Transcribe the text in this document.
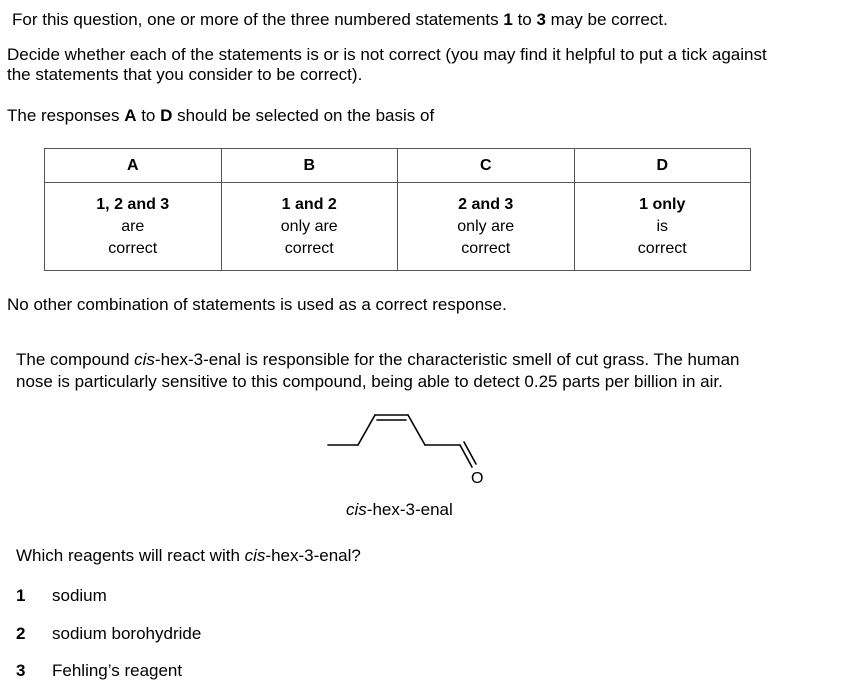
For this question, one or more of the three numbered statements 1 to 3 may be correct.
Decide whether each of the statements is or is not correct (you may find it helpful to put a tick against
the statements that you consider to be correct).
The responses A to D should be selected on the basis of
A	B	C	D

1, 2 and 3
are
correct	1 and 2
only are
correct	2 and 3
only are
correct	1 only
is
correct
No other combination of statements is used as a correct response.
The compound cis-hex-3-enal is responsible for the characteristic smell of cut grass. The human
nose is particularly sensitive to this compound, being able to detect 0.25 parts per billion in air.
O
cis-hex-3-enal
Which reagents will react with cis-hex-3-enal?
1 sodium
2 sodium borohydride
3 Fehling’s reagent
